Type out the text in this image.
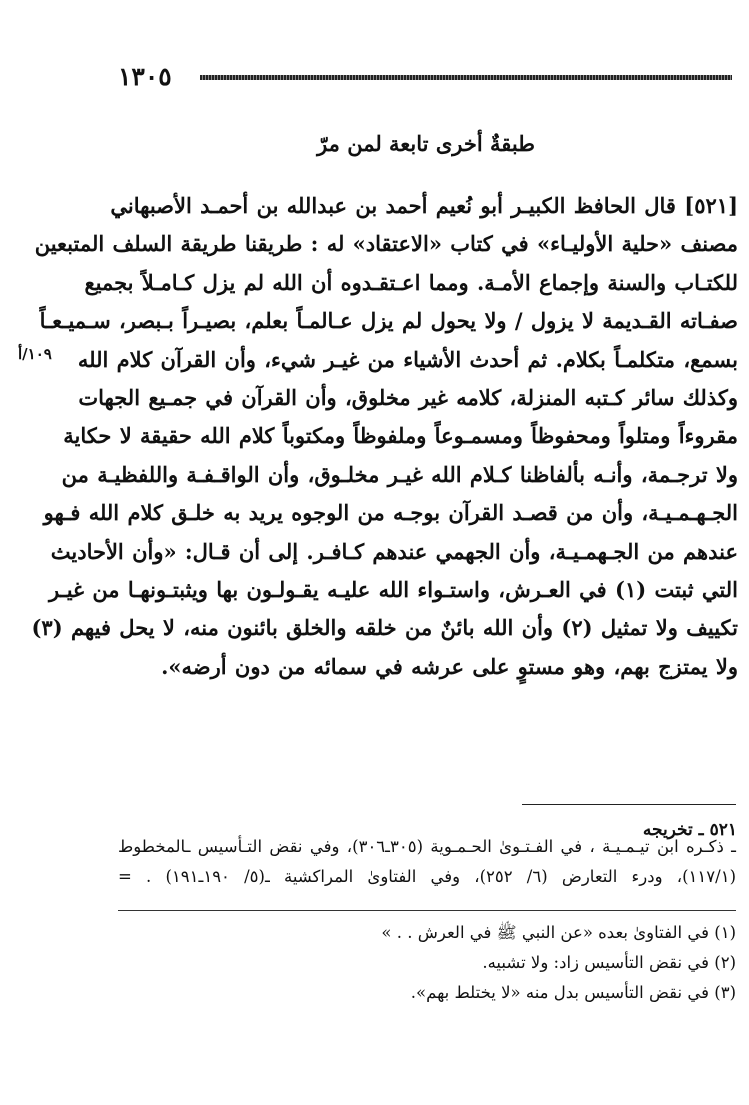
١٣٠٥
طبقةٌ أخرى تابعة لمن مرّ
١٠٩/أ
[٥٢١] قال الحافظ الكبيـر أبو نُعيم أحمد بن عبدالله بن أحمـد الأصبهاني
مصنف «حلية الأوليـاء» في كتاب «الاعتقاد» له : طريقنا طريقة السلف المتبعين
للكتـاب والسنة وإجماع الأمـة. ومما اعـتقـدوه أن الله لم يزل كـامـلاً بجميع
صفـاته القـديمة لا يزول / ولا يحول لم يزل عـالمـاً بعلم، بصيـراً بـبصر، سـميـعـاً
بسمع، متكلمـاً بكلام. ثم أحدث الأشياء من غيـر شيء، وأن القرآن كلام الله
وكذلك سائر كـتبه المنزلة، كلامه غير مخلوق، وأن القرآن في جمـيع الجهات
مقروءاً ومتلواً ومحفوظاً ومسمـوعاً وملفوظاً ومكتوباً كلام الله حقيقة لا حكاية
ولا ترجـمة، وأنـه بألفاظنا كـلام الله غيـر مخلـوق، وأن الواقـفـة واللفظيـة من
الجـهـمـيـة، وأن من قصـد القرآن بوجـه من الوجوه يريد به خلـق كلام الله فـهو
عندهم من الجـهمـيـة، وأن الجهمي عندهم كـافـر. إلى أن قـال: «وأن الأحاديث
التي ثبتت (١) في العـرش، واستـواء الله عليـه يقـولـون بها ويثبتـونهـا من غيـر
تكييف ولا تمثيل (٢) وأن الله بائنٌ من خلقه والخلق بائنون منه، لا يحل فيهم (٣)
ولا يمتزج بهم، وهو مستوٍ على عرشه في سمائه من دون أرضه».
٥٢١ ـ تخريجه
ـ ذكـره ابن تيـمـيـة ، في الفـتـوىٰ الحـمـوية (٣٠٥ـ٣٠٦)، وفي نقض التـأسيس ـالمخطوط
(١١٧/١)، ودرء التعارض (٦/ ٢٥٢)، وفي الفتاوىٰ المراكشية ـ(٥/ ١٩٠ـ١٩١) . =
(١) في الفتاوىٰ بعده «عن النبي ﷺ في العرش . . »
(٢) في نقض التأسيس زاد: ولا تشبيه.
(٣) في نقض التأسيس بدل منه «لا يختلط بهم».
